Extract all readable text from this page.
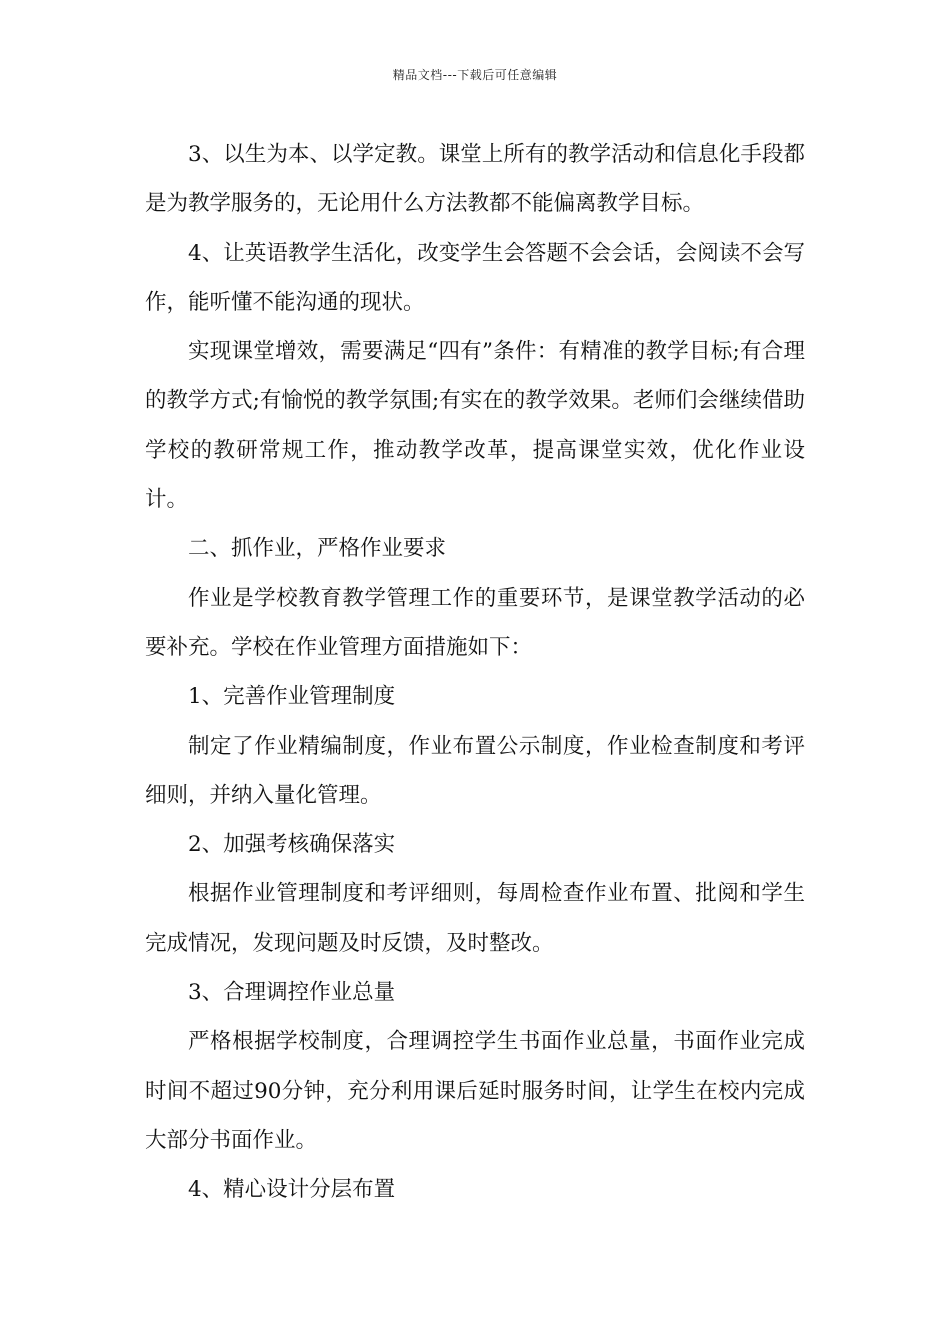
精品文档---下载后可任意编辑

3、以生为本、以学定教。课堂上所有的教学活动和信息化手段都是为教学服务的，无论用什么方法教都不能偏离教学目标。

4、让英语教学生活化，改变学生会答题不会会话，会阅读不会写作，能听懂不能沟通的现状。

实现课堂增效，需要满足“四有”条件：有精准的教学目标;有合理的教学方式;有愉悦的教学氛围;有实在的教学效果。老师们会继续借助学校的教研常规工作，推动教学改革，提高课堂实效，优化作业设计。

二、抓作业，严格作业要求

作业是学校教育教学管理工作的重要环节，是课堂教学活动的必要补充。学校在作业管理方面措施如下：

1、完善作业管理制度

制定了作业精编制度，作业布置公示制度，作业检查制度和考评细则，并纳入量化管理。

2、加强考核确保落实

根据作业管理制度和考评细则，每周检查作业布置、批阅和学生完成情况，发现问题及时反馈，及时整改。

3、合理调控作业总量

严格根据学校制度，合理调控学生书面作业总量，书面作业完成时间不超过90分钟，充分利用课后延时服务时间，让学生在校内完成大部分书面作业。

4、精心设计分层布置
